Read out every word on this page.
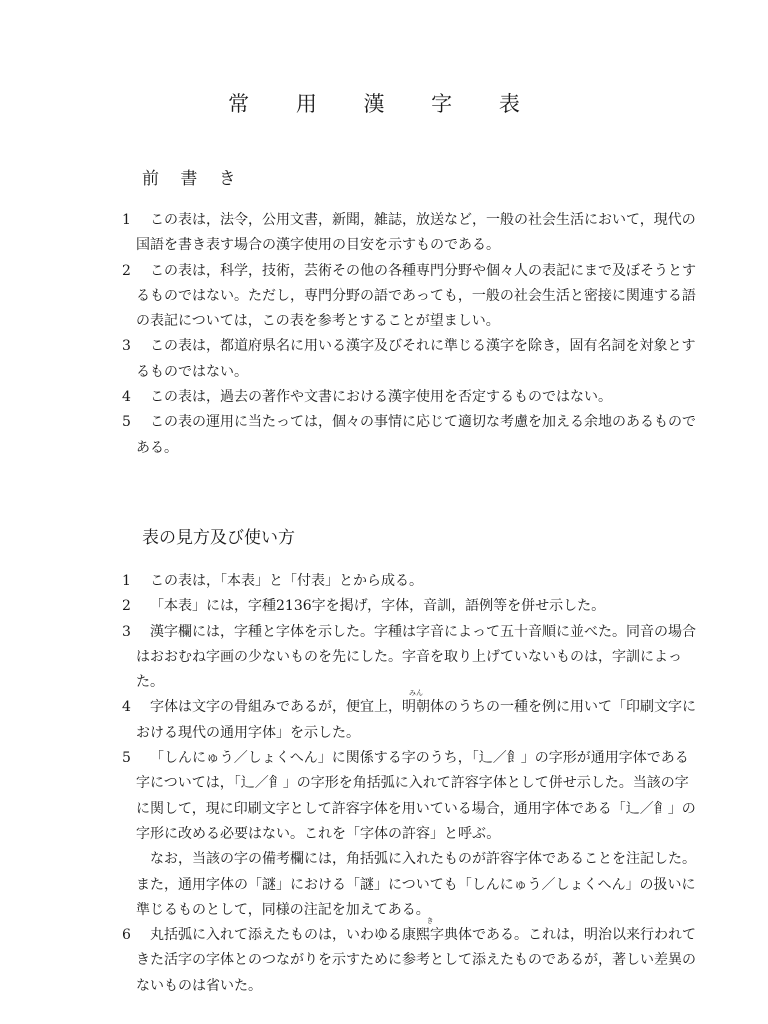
常 用 漢 字 表
前 書 き
1	この表は，法令，公用文書，新聞，雑誌，放送など，一般の社会生活において，現代の国語を書き表す場合の漢字使用の目安を示すものである。
2	この表は，科学，技術，芸術その他の各種専門分野や個々人の表記にまで及ぼそうとするものではない。ただし，専門分野の語であっても，一般の社会生活と密接に関連する語の表記については，この表を参考とすることが望ましい。
3	この表は，都道府県名に用いる漢字及びそれに準じる漢字を除き，固有名詞を対象とするものではない。
4	この表は，過去の著作や文書における漢字使用を否定するものではない。
5	この表の運用に当たっては，個々の事情に応じて適切な考慮を加える余地のあるものである。
表の見方及び使い方
1	この表は，「本表」と「付表」とから成る。
2	「本表」には，字種2136字を掲げ，字体，音訓，語例等を併せ示した。
3	漢字欄には，字種と字体を示した。字種は字音によって五十音順に並べた。同音の場合はおおむね字画の少ないものを先にした。字音を取り上げていないものは，字訓によった。
4	字体は文字の骨組みであるが，便宜上，
みん
明朝体のうちの一種を例に用いて「印刷文字における現代の通用字体」を示した。
5	「しんにゅう／しょくへん」に関係する字のうち，「辶／飠」の字形が通用字体である字については，「⻌／𩙿」の字形を角括弧に入れて許容字体として併せ示した。当該の字に関して，現に印刷文字として許容字体を用いている場合，通用字体である「⻌／𩙿」の字形に改める必要はない。これを「字体の許容」と呼ぶ。
なお，当該の字の備考欄には，角括弧に入れたものが許容字体であることを注記した。また，通用字体の「謎」における「謎」についても「しんにゅう／しょくへん」の扱いに準じるものとして，同様の注記を加えてある。
6	丸括弧に入れて添えたものは，いわゆる康
き
熙字典体である。これは，明治以来行われてきた活字の字体とのつながりを示すために参考として添えたものであるが，著しい差異のないものは省いた。
